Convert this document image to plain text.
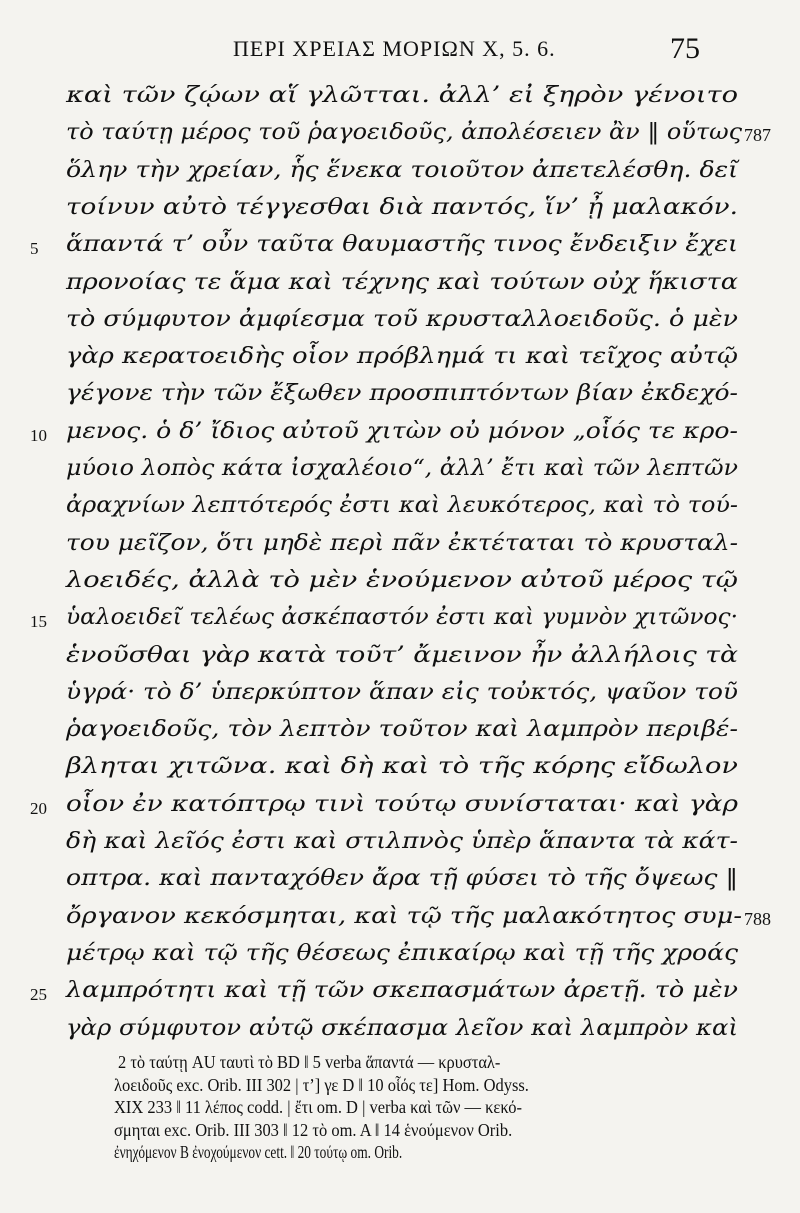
ΠΕΡΙ ΧΡΕΙΑΣ ΜΟΡΙΩΝ Χ, 5. 6.	75
καὶ τῶν ζῴων αἵ γλῶτται. ἀλλ’ εἰ ξηρὸν γένοιτο
τὸ ταύτῃ μέρος τοῦ ῥαγοειδοῦς, ἀπολέσειεν ἂν ‖ οὕτως 787
ὅλην τὴν χρείαν, ἧς ἕνεκα τοιοῦτον ἀπετελέσθη. δεῖ
τοίνυν αὐτὸ τέγγεσθαι διὰ παντός, ἵν’ ᾖ μαλακόν.
5	ἅπαντά τ’ οὖν ταῦτα θαυμαστῆς τινος ἔνδειξιν ἔχει
προνοίας τε ἅμα καὶ τέχνης καὶ τούτων οὐχ ἥκιστα
τὸ σύμφυτον ἀμφίεσμα τοῦ κρυσταλλοειδοῦς. ὁ μὲν
γὰρ κερατοειδὴς οἷον πρόβλημά τι καὶ τεῖχος αὐτῷ
γέγονε τὴν τῶν ἔξωθεν προσπιπτόντων βίαν ἐκδεχό-
10 μενος. ὁ δ’ ἴδιος αὐτοῦ χιτὼν οὐ μόνον „οἷός τε κρο-
μύοιο λοπὸς κάτα ἰσχαλέοιο“, ἀλλ’ ἔτι καὶ τῶν λεπτῶν
ἀραχνίων λεπτότερός ἐστι καὶ λευκότερος, καὶ τὸ τού-
του μεῖζον, ὅτι μηδὲ περὶ πᾶν ἐκτέταται τὸ κρυσταλ-
λοειδές, ἀλλὰ τὸ μὲν ἑνούμενον αὐτοῦ μέρος τῷ
15 ὑαλοειδεῖ τελέως ἀσκέπαστόν ἐστι καὶ γυμνὸν χιτῶνος·
ἑνοῦσθαι γὰρ κατὰ τοῦτ’ ἄμεινον ἦν ἀλλήλοις τὰ
ὑγρά· τὸ δ’ ὑπερκύπτον ἅπαν εἰς τοὐκτός, ψαῦον τοῦ
ῥαγοειδοῦς, τὸν λεπτὸν τοῦτον καὶ λαμπρὸν περιβέ-
βληται χιτῶνα. καὶ δὴ καὶ τὸ τῆς κόρης εἴδωλον
20 οἷον ἐν κατόπτρῳ τινὶ τούτῳ συνίσταται· καὶ γὰρ
δὴ καὶ λεῖός ἐστι καὶ στιλπνὸς ὑπὲρ ἅπαντα τὰ κάτ-
οπτρα. καὶ πανταχόθεν ἄρα τῇ φύσει τὸ τῆς ὄψεως ‖
ὄργανον κεκόσμηται, καὶ τῷ τῆς μαλακότητος συμ- 788
μέτρῳ καὶ τῷ τῆς θέσεως ἐπικαίρῳ καὶ τῇ τῆς χροάς
25 λαμπρότητι καὶ τῇ τῶν σκεπασμάτων ἀρετῇ. τὸ μὲν
γὰρ σύμφυτον αὐτῷ σκέπασμα λεῖον καὶ λαμπρὸν καὶ
2 τὸ ταύτῃ AU ταυτὶ τὸ BD ‖ 5 verba ἅπαντά — κρυσταλ-
λοειδοῦς exc. Orib. III 302 | τ’] γε D ‖ 10 οἷός τε] Hom. Odyss.
XIX 233 ‖ 11 λέπος codd. | ἔτι om. D | verba καὶ τῶν — κεκό-
σμηται exc. Orib. III 303 ‖ 12 τὸ om. A ‖ 14 ἑνούμενον Orib.
ἐνηχόμενον B ἐνοχούμενον cett. ‖ 20 τούτῳ om. Orib.
